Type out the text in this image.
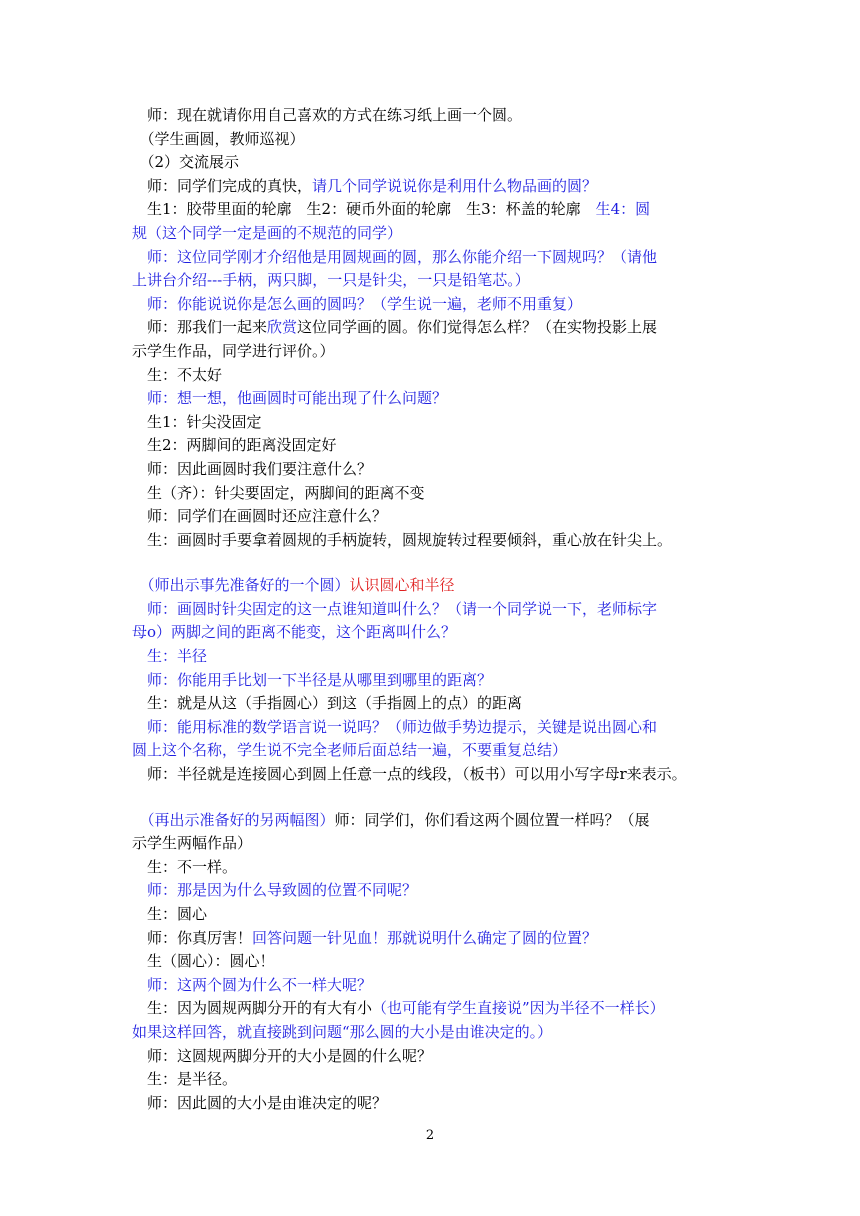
　师：现在就请你用自己喜欢的方式在练习纸上画一个圆。
　（学生画圆，教师巡视）
　（2）交流展示
　师：同学们完成的真快，请几个同学说说你是利用什么物品画的圆？
　生1：胶带里面的轮廓　生2：硬币外面的轮廓　生3：杯盖的轮廓　生4：圆
规（这个同学一定是画的不规范的同学）
　师：这位同学刚才介绍他是用圆规画的圆，那么你能介绍一下圆规吗？（请他
上讲台介绍---手柄，两只脚，一只是针尖，一只是铅笔芯。）
　师：你能说说你是怎么画的圆吗？（学生说一遍，老师不用重复）
　师：那我们一起来欣赏这位同学画的圆。你们觉得怎么样？（在实物投影上展
示学生作品，同学进行评价。）
　生：不太好
　师：想一想，他画圆时可能出现了什么问题？
　生1：针尖没固定
　生2：两脚间的距离没固定好
　师：因此画圆时我们要注意什么？
　生（齐）：针尖要固定，两脚间的距离不变
　师：同学们在画圆时还应注意什么？
　生：画圆时手要拿着圆规的手柄旋转，圆规旋转过程要倾斜，重心放在针尖上。
　（师出示事先准备好的一个圆）认识圆心和半径
　师：画圆时针尖固定的这一点谁知道叫什么？（请一个同学说一下，老师标字
母o）两脚之间的距离不能变，这个距离叫什么？
　生：半径
　师：你能用手比划一下半径是从哪里到哪里的距离？
　生：就是从这（手指圆心）到这（手指圆上的点）的距离
　师：能用标准的数学语言说一说吗？（师边做手势边提示，关键是说出圆心和
圆上这个名称，学生说不完全老师后面总结一遍，不要重复总结）
　师：半径就是连接圆心到圆上任意一点的线段，（板书）可以用小写字母r来表示。
　（再出示准备好的另两幅图）师：同学们，你们看这两个圆位置一样吗？（展
示学生两幅作品）
　生：不一样。
　师：那是因为什么导致圆的位置不同呢？
　生：圆心
　师：你真厉害！回答问题一针见血！那就说明什么确定了圆的位置？
　生（圆心）：圆心！
　师：这两个圆为什么不一样大呢？
　生：因为圆规两脚分开的有大有小（也可能有学生直接说”因为半径不一样长）
如果这样回答，就直接跳到问题“那么圆的大小是由谁决定的。）
　师：这圆规两脚分开的大小是圆的什么呢？
　生：是半径。
　师：因此圆的大小是由谁决定的呢？
2
